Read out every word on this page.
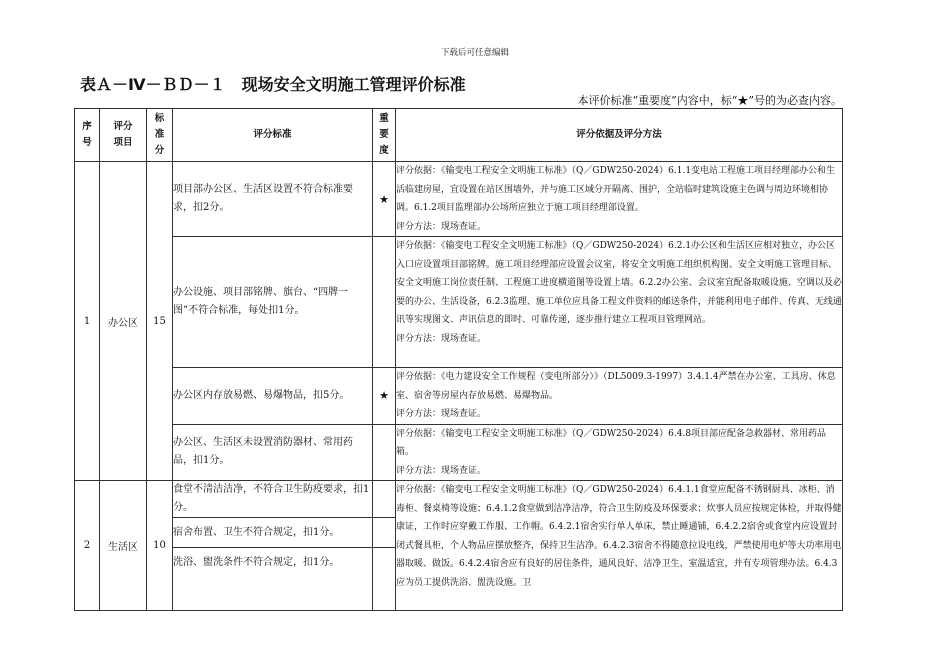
下载后可任意编辑
表Ａ－Ⅳ－ＢＤ－１　现场安全文明施工管理评价标准
本评价标准“重要度”内容中，标“★”号的为必查内容。
序号	评分项目	标准分	评分标准	重要度	评分依据及评分方法
1	办公区	15	项目部办公区、生活区设置不符合标准要求，扣2分。	★	评分依据：《输变电工程安全文明施工标准》（Q／GDW250-2024）6.1.1变电站工程施工项目经理部办公和生活临建房屋，宜设置在站区围墙外，并与施工区域分开隔离、围护，全站临时建筑设施主色调与周边环境相协调。6.1.2项目监理部办公场所应独立于施工项目经理部设置。
评分方法：现场查证。

			办公设施、项目部铭牌、旗台、“四牌一图”不符合标准，每处扣1分。		评分依据：《输变电工程安全文明施工标准》（Q／GDW250-2024）6.2.1办公区和生活区应相对独立，办公区入口应设置项目部铭牌。施工项目经理部应设置会议室，将安全文明施工组织机构图、安全文明施工管理目标、安全文明施工岗位责任制、工程施工进度横道图等设置上墙。6.2.2办公室、会议室宜配备取暖设施、空调以及必要的办公、生活设备，6.2.3监理、施工单位应具备工程文件资料的邮送条件，并能利用电子邮件、传真、无线通讯等实现图文、声讯信息的即时、可靠传递，逐步推行建立工程项目管理网站。
评分方法：现场查证。

			办公区内存放易燃、易爆物品，扣5分。	★	评分依据：《电力建设安全工作规程（变电所部分）》（DL5009.3-1997）3.4.1.4严禁在办公室、工具房、休息室、宿舍等房屋内存放易燃、易爆物品。
评分方法：现场查证。

			办公区、生活区未设置消防器材、常用药品，扣1分。		评分依据：《输变电工程安全文明施工标准》（Q／GDW250-2024）6.4.8项目部应配备急救器材、常用药品箱。
评分方法：现场查证。

2	生活区	10	食堂不清洁洁净，不符合卫生防疫要求，扣1分。		评分依据：《输变电工程安全文明施工标准》（Q／GDW250-2024）6.4.1.1食堂应配备不锈钢厨具、冰柜、消毒柜、餐桌椅等设施；6.4.1.2食堂做到洁净洁净，符合卫生防疫及环保要求；炊事人员应按规定体检，并取得健康证，工作时应穿戴工作服、工作帽。6.4.2.1宿舍实行单人单床，禁止睡通铺，6.4.2.2宿舍或食堂内应设置封闭式餐具柜，个人物品应摆放整齐，保持卫生洁净。6.4.2.3宿舍不得随意拉设电线，严禁使用电炉等大功率用电器取暖、做饭。6.4.2.4宿舍应有良好的居住条件，通风良好、洁净卫生、室温适宜，并有专项管理办法。6.4.3应为员工提供洗浴、盥洗设施。卫
			宿舍布置、卫生不符合规定，扣1分。		
			洗浴、盥洗条件不符合规定，扣1分。		
